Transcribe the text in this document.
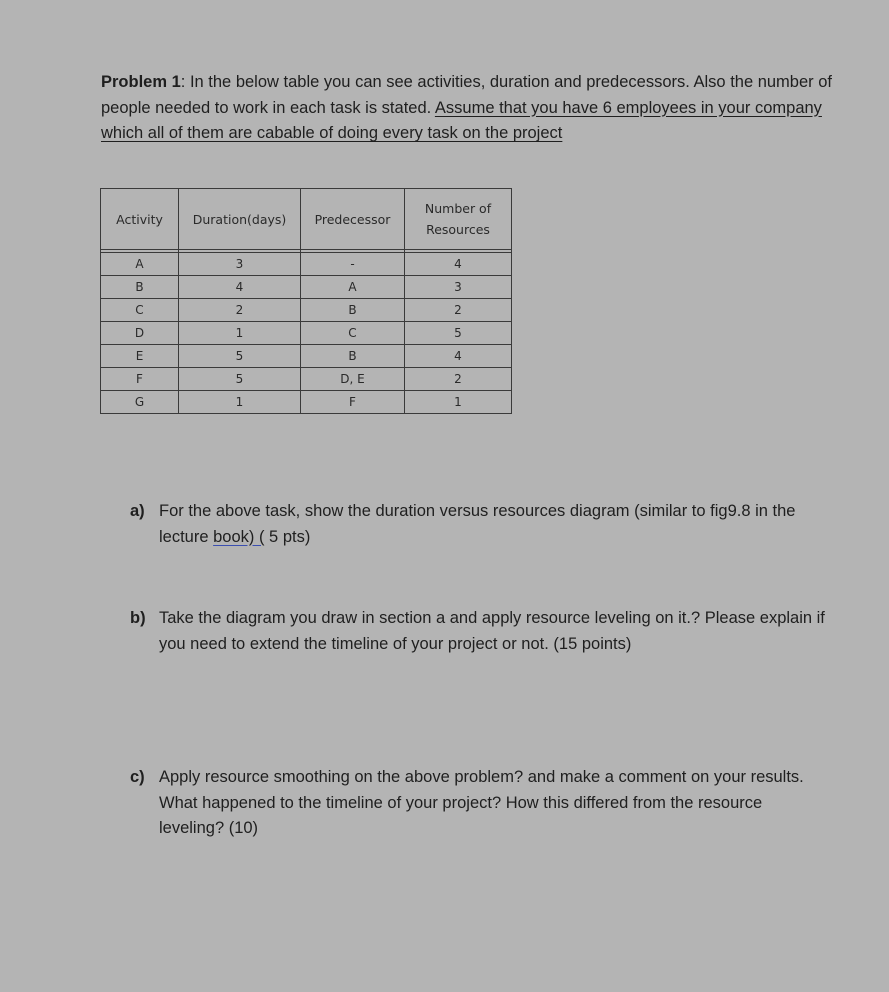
Problem 1: In the below table you can see activities, duration and predecessors. Also the number of people needed to work in each task is stated. Assume that you have 6 employees in your company which all of them are cabable of doing every task on the project
Activity	Duration(days)	Predecessor	Number of Resources

A	3	-	4
B	4	A	3
C	2	B	2
D	1	C	5
E	5	B	4
F	5	D, E	2
G	1	F	1
a) For the above task, show the duration versus resources diagram (similar to fig9.8 in the lecture book) ( 5 pts)
b) Take the diagram you draw in section a and apply resource leveling on it.? Please explain if you need to extend the timeline of your project or not. (15 points)
c) Apply resource smoothing on the above problem? and make a comment on your results. What happened to the timeline of your project? How this differed from the resource leveling? (10)
